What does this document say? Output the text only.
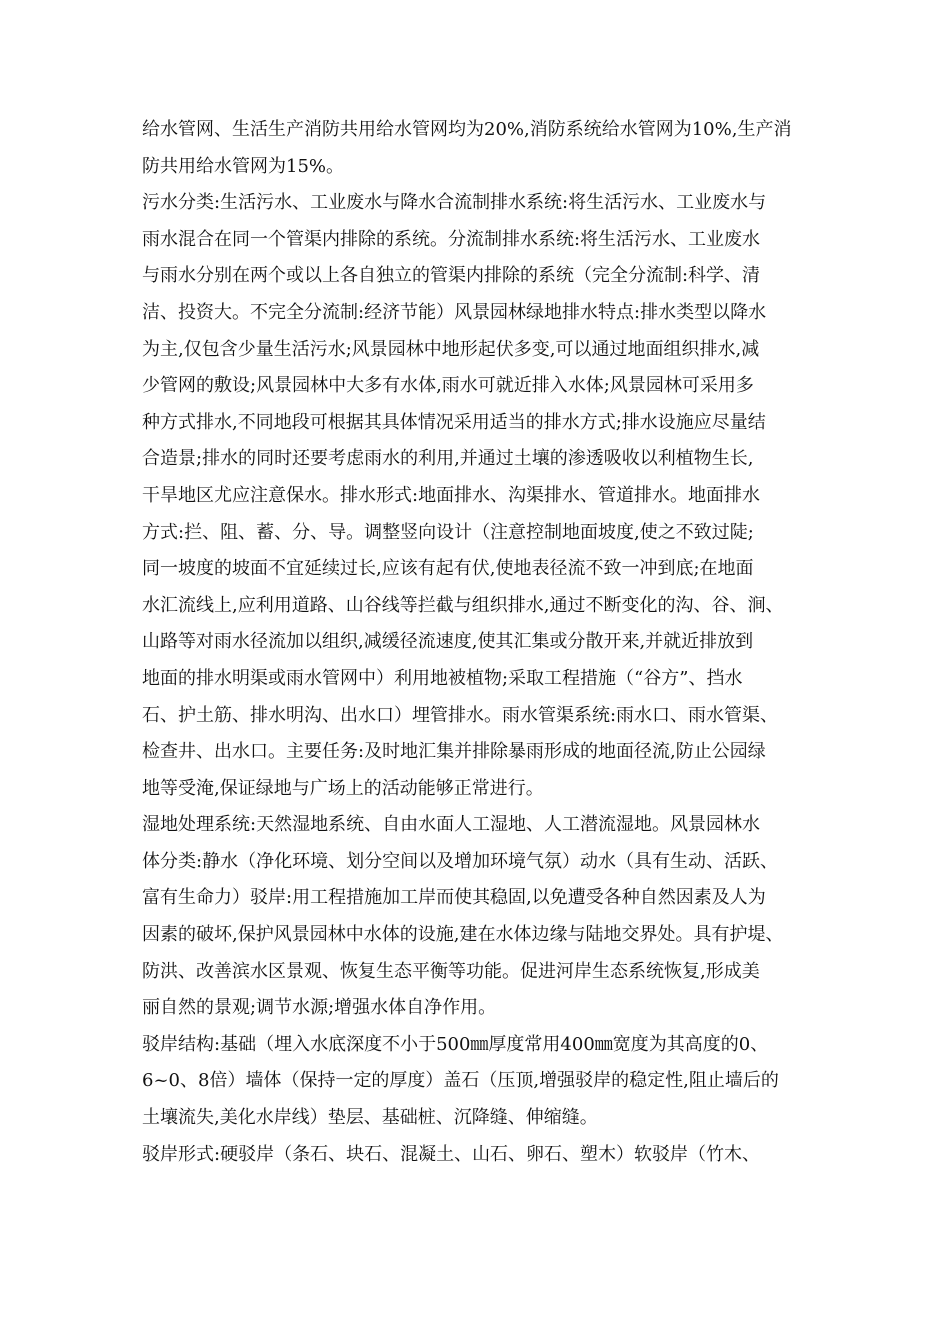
给水管网、生活生产消防共用给水管网均为20%,消防系统给水管网为10%,生产消
防共用给水管网为15%。
污水分类:生活污水、工业废水与降水合流制排水系统:将生活污水、工业废水与
雨水混合在同一个管渠内排除的系统。分流制排水系统:将生活污水、工业废水
与雨水分别在两个或以上各自独立的管渠内排除的系统（完全分流制:科学、清
洁、投资大。不完全分流制:经济节能）风景园林绿地排水特点:排水类型以降水
为主,仅包含少量生活污水;风景园林中地形起伏多变,可以通过地面组织排水,减
少管网的敷设;风景园林中大多有水体,雨水可就近排入水体;风景园林可采用多
种方式排水,不同地段可根据其具体情况采用适当的排水方式;排水设施应尽量结
合造景;排水的同时还要考虑雨水的利用,并通过土壤的渗透吸收以利植物生长,
干旱地区尤应注意保水。排水形式:地面排水、沟渠排水、管道排水。地面排水
方式:拦、阻、蓄、分、导。调整竖向设计（注意控制地面坡度,使之不致过陡;
同一坡度的坡面不宜延续过长,应该有起有伏,使地表径流不致一冲到底;在地面
水汇流线上,应利用道路、山谷线等拦截与组织排水,通过不断变化的沟、谷、涧、
山路等对雨水径流加以组织,减缓径流速度,使其汇集或分散开来,并就近排放到
地面的排水明渠或雨水管网中）利用地被植物;采取工程措施（“谷方”、挡水
石、护土筋、排水明沟、出水口）埋管排水。雨水管渠系统:雨水口、雨水管渠、
检查井、出水口。主要任务:及时地汇集并排除暴雨形成的地面径流,防止公园绿
地等受淹,保证绿地与广场上的活动能够正常进行。
湿地处理系统:天然湿地系统、自由水面人工湿地、人工潜流湿地。风景园林水
体分类:静水（净化环境、划分空间以及增加环境气氛）动水（具有生动、活跃、
富有生命力）驳岸:用工程措施加工岸而使其稳固,以免遭受各种自然因素及人为
因素的破坏,保护风景园林中水体的设施,建在水体边缘与陆地交界处。具有护堤、
防洪、改善滨水区景观、恢复生态平衡等功能。促进河岸生态系统恢复,形成美
丽自然的景观;调节水源;增强水体自净作用。
驳岸结构:基础（埋入水底深度不小于500㎜厚度常用400㎜宽度为其高度的0、
6~0、8倍）墙体（保持一定的厚度）盖石（压顶,增强驳岸的稳定性,阻止墙后的
土壤流失,美化水岸线）垫层、基础桩、沉降缝、伸缩缝。
驳岸形式:硬驳岸（条石、块石、混凝土、山石、卵石、塑木）软驳岸（竹木、
